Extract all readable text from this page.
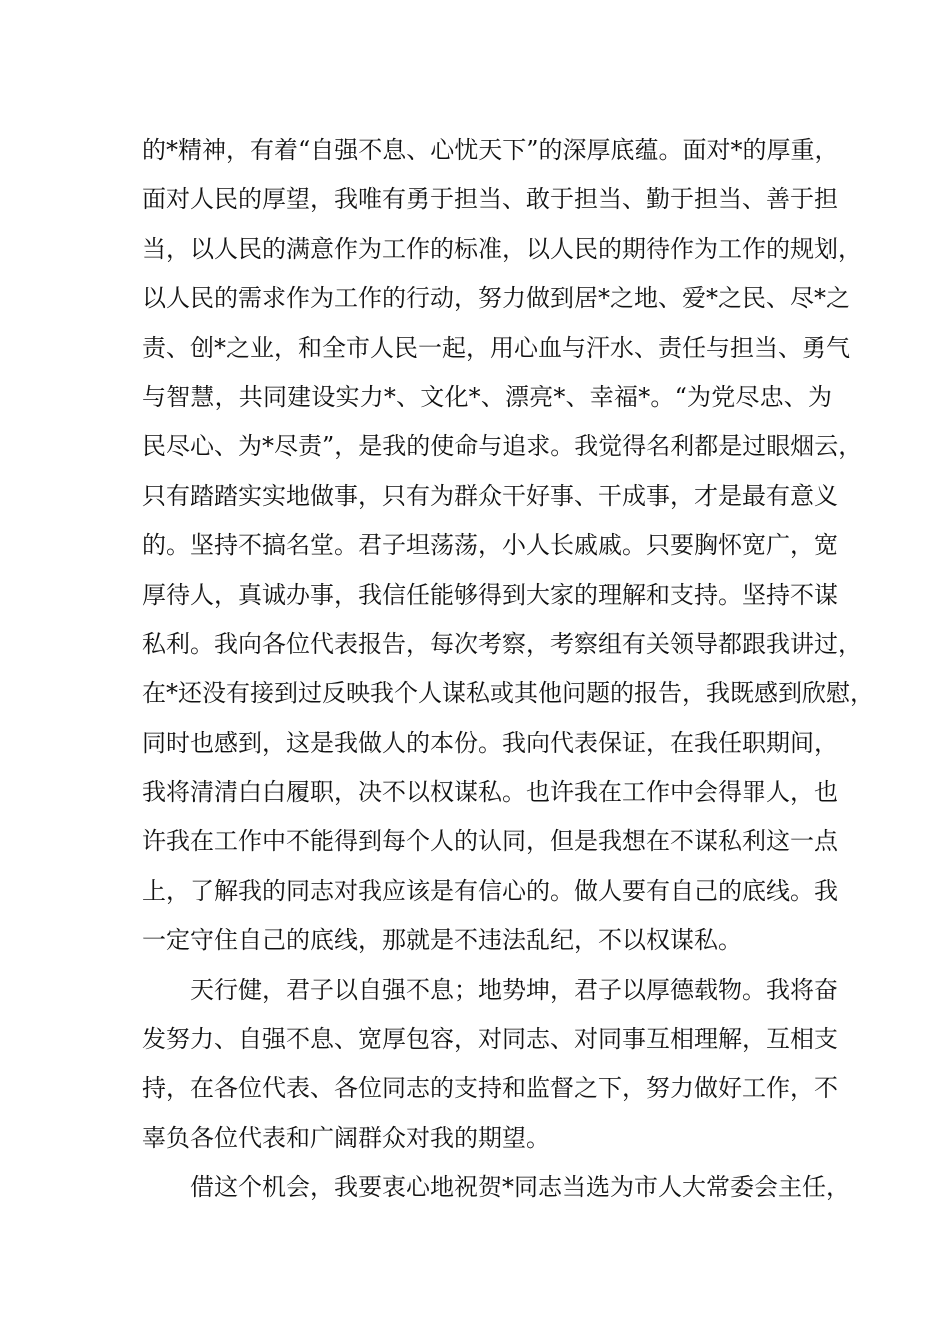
的*精神，有着“自强不息、心忧天下”的深厚底蕴。面对*的厚重，
面对人民的厚望，我唯有勇于担当、敢于担当、勤于担当、善于担
当，以人民的满意作为工作的标准，以人民的期待作为工作的规划，
以人民的需求作为工作的行动，努力做到居*之地、爱*之民、尽*之
责、创*之业，和全市人民一起，用心血与汗水、责任与担当、勇气
与智慧，共同建设实力*、文化*、漂亮*、幸福*。“为党尽忠、为
民尽心、为*尽责”，是我的使命与追求。我觉得名利都是过眼烟云，
只有踏踏实实地做事，只有为群众干好事、干成事，才是最有意义
的。坚持不搞名堂。君子坦荡荡，小人长戚戚。只要胸怀宽广，宽
厚待人，真诚办事，我信任能够得到大家的理解和支持。坚持不谋
私利。我向各位代表报告，每次考察，考察组有关领导都跟我讲过，
在*还没有接到过反映我个人谋私或其他问题的报告，我既感到欣慰，
同时也感到，这是我做人的本份。我向代表保证，在我任职期间，
我将清清白白履职，决不以权谋私。也许我在工作中会得罪人，也
许我在工作中不能得到每个人的认同，但是我想在不谋私利这一点
上，了解我的同志对我应该是有信心的。做人要有自己的底线。我
一定守住自己的底线，那就是不违法乱纪，不以权谋私。
天行健，君子以自强不息；地势坤，君子以厚德载物。我将奋
发努力、自强不息、宽厚包容，对同志、对同事互相理解，互相支
持，在各位代表、各位同志的支持和监督之下，努力做好工作，不
辜负各位代表和广阔群众对我的期望。
借这个机会，我要衷心地祝贺*同志当选为市人大常委会主任，
